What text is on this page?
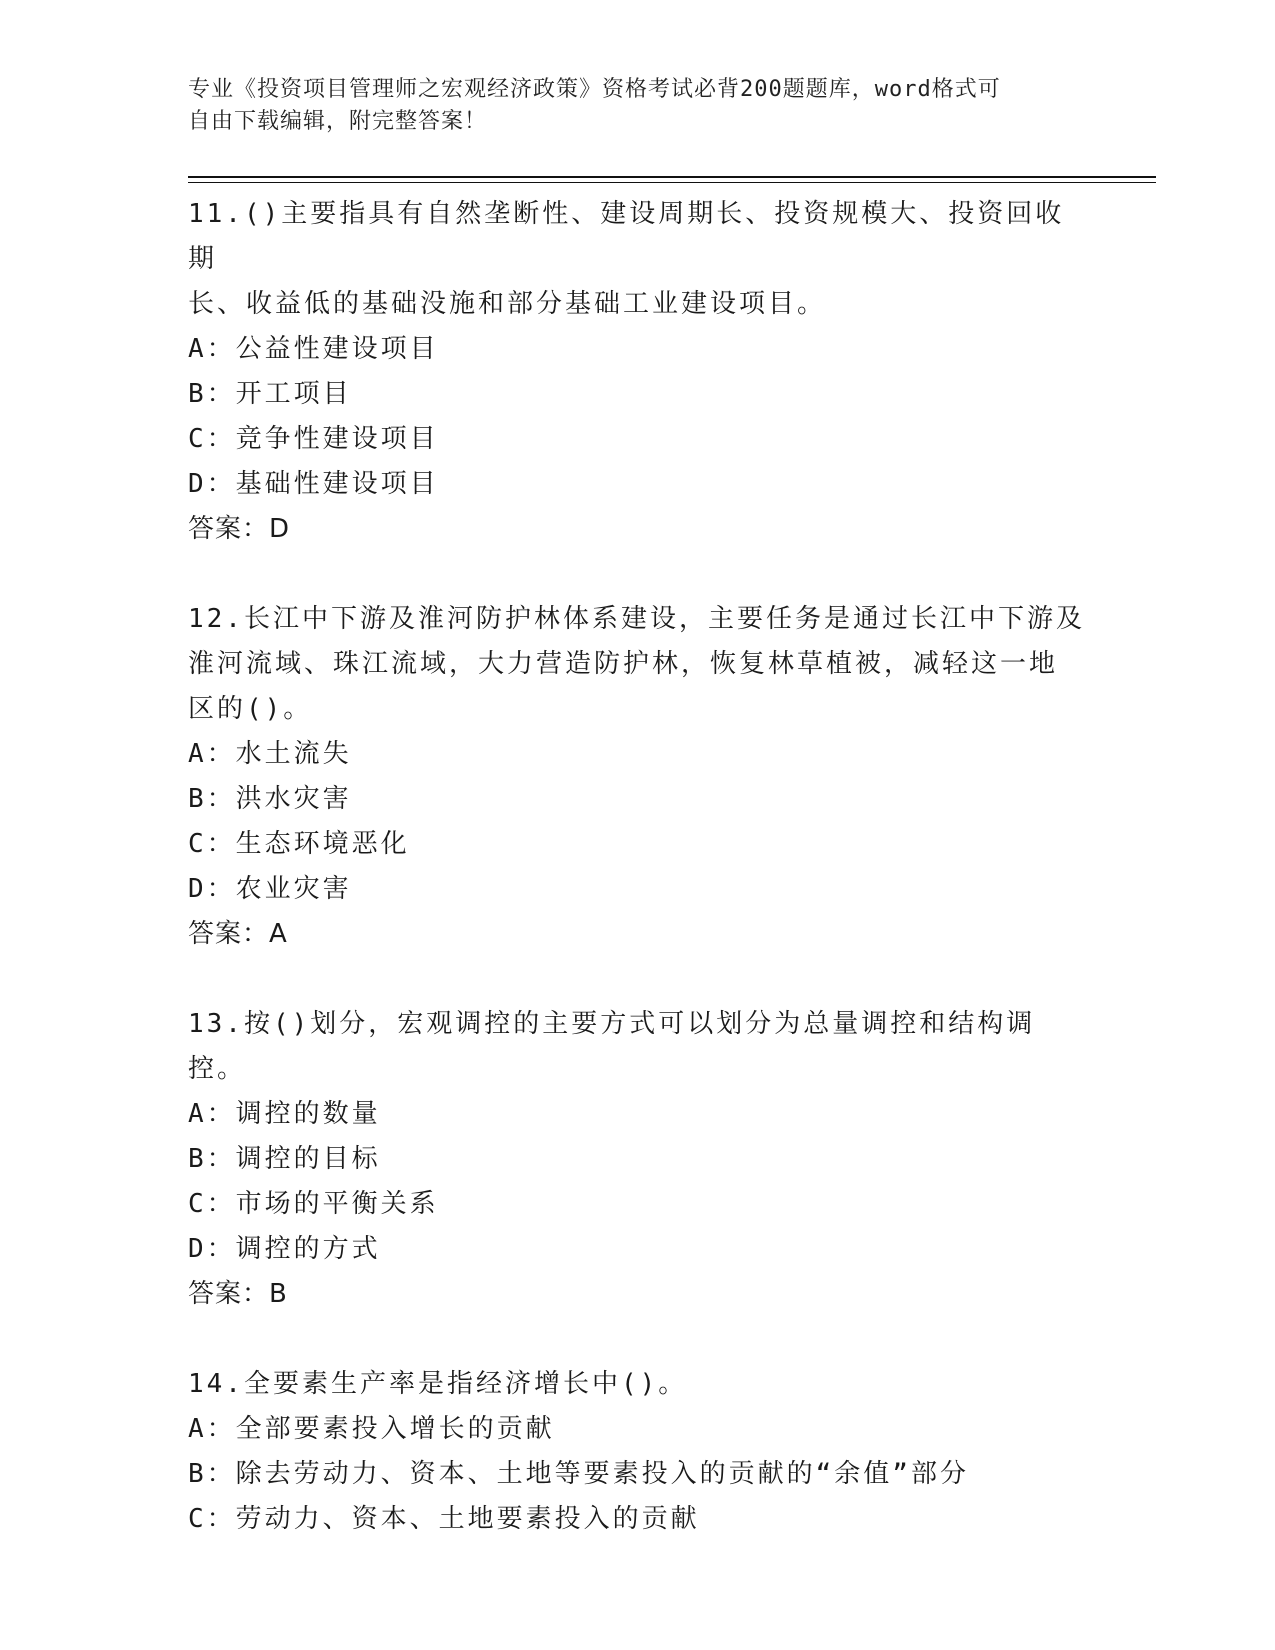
专业《投资项目管理师之宏观经济政策》资格考试必背200题题库，word格式可
自由下载编辑，附完整答案！

11.()主要指具有自然垄断性、建设周期长、投资规模大、投资回收期

长、收益低的基础没施和部分基础工业建设项目。

A：公益性建设项目

B：开工项目

C：竞争性建设项目

D：基础性建设项目

答案：D

12.长江中下游及淮河防护林体系建设，主要任务是通过长江中下游及

淮河流域、珠江流域，大力营造防护林，恢复林草植被，减轻这一地

区的()。

A：水土流失

B：洪水灾害

C：生态环境恶化

D：农业灾害

答案：A

13.按()划分，宏观调控的主要方式可以划分为总量调控和结构调控。

A：调控的数量

B：调控的目标

C：市场的平衡关系

D：调控的方式

答案：B

14.全要素生产率是指经济增长中()。

A：全部要素投入增长的贡献

B：除去劳动力、资本、土地等要素投入的贡献的“余值”部分

C：劳动力、资本、土地要素投入的贡献
